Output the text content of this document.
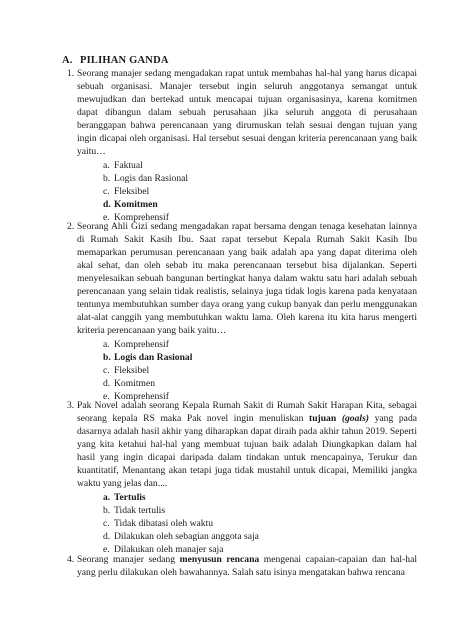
A. PILIHAN GANDA
1. Seorang manajer sedang mengadakan rapat untuk membahas hal-hal yang harus dicapai sebuah organisasi. Manajer tersebut ingin seluruh anggotanya semangat untuk mewujudkan dan bertekad untuk mencapai tujuan organisasinya, karena komitmen dapat dibangun dalam sebuah perusahaan jika seluruh anggota di perusahaan beranggapan bahwa perencanaan yang dirumuskan telah sesuai dengan tujuan yang ingin dicapai oleh organisasi. Hal tersebut sesuai dengan kriteria perencanaan yang baik yaitu…

a. Faktual
b. Logis dan Rasional
c. Fleksibel
d. Komitmen
e. Komprehensif
2. Seorang Ahli Gizi sedang mengadakan rapat bersama dengan tenaga kesehatan lainnya di Rumah Sakit Kasih Ibu. Saat rapat tersebut Kepala Rumah Sakit Kasih Ibu memaparkan perumusan perencanaan yang baik adalah apa yang dapat diterima oleh akal sehat, dan oleh sebab itu maka perencanaan tersebut bisa dijalankan. Seperti menyelesaikan sebuah bangunan bertingkat hanya dalam waktu satu hari adalah sebuah perencanaan yang selain tidak realistis, selainya juga tidak logis karena pada kenyataan tentunya membutuhkan sumber daya orang yang cukup banyak dan perlu menggunakan alat-alat canggih yang membutuhkan waktu lama. Oleh karena itu kita harus mengerti kriteria perencanaan yang baik yaitu…

a. Komprehensif
b. Logis dan Rasional
c. Fleksibel
d. Komitmen
e. Komprehensif
3. Pak Novel adalah seorang Kepala Rumah Sakit di Rumah Sakit Harapan Kita, sebagai seorang kepala RS maka Pak novel ingin menuliskan tujuan (goals) yang pada dasarnya adalah hasil akhir yang diharapkan dapat diraih pada akhir tahun 2019. Seperti yang kita ketahui hal-hal yang membuat tujuan baik adalah Diungkapkan dalam hal hasil yang ingin dicapai daripada dalam tindakan untuk mencapainya, Terukur dan kuantitatif, Menantang akan tetapi juga tidak mustahil untuk dicapai, Memiliki jangka waktu yang jelas dan....

a. Tertulis
b. Tidak tertulis
c. Tidak dibatasi oleh waktu
d. Dilakukan oleh sebagian anggota saja
e. Dilakukan oleh manajer saja
4. Seorang manajer sedang menyusun rencana mengenai capaian-capaian dan hal-hal yang perlu dilakukan oleh bawahannya. Salah satu isinya mengatakan bahwa rencana
